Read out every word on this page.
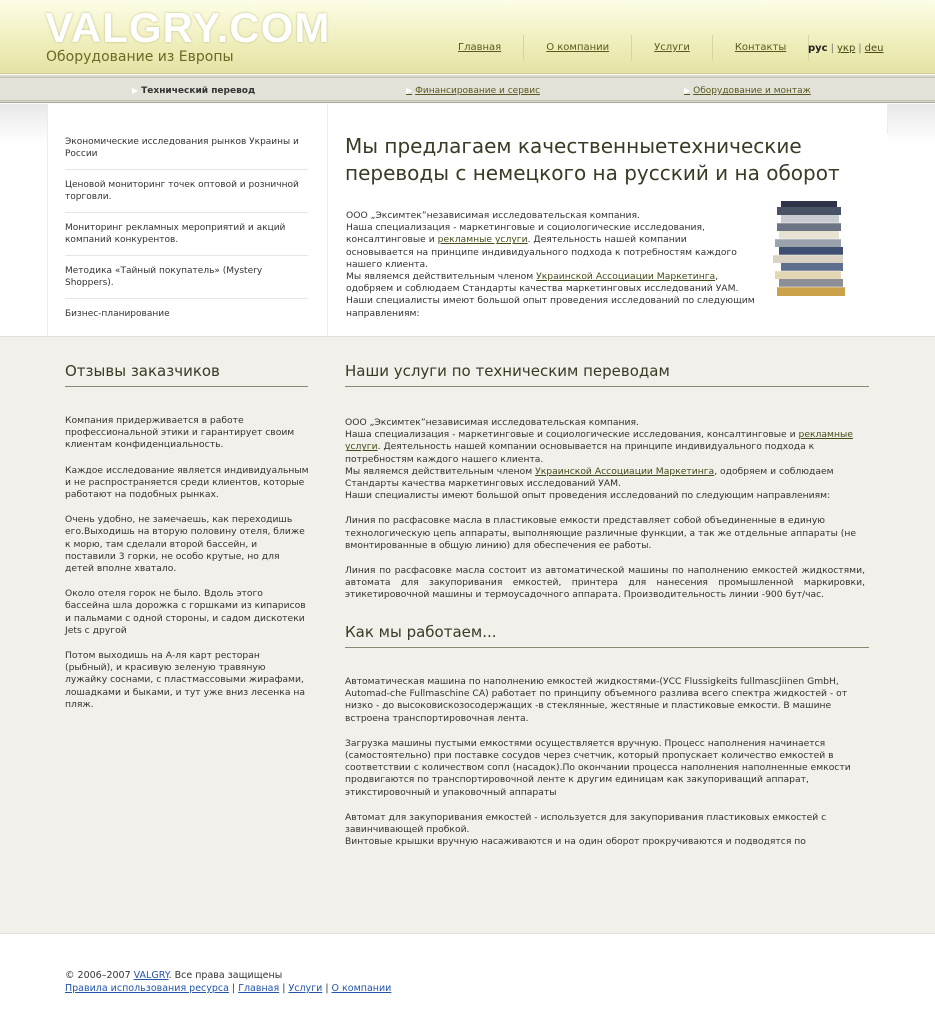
VALGRY.COM
Оборудование из Европы
Главная	О компании	Услуги	Контакты	рус | укр | deu
▶ Технический перевод	▶ Финансирование и сервис	▶ Оборудование и монтаж
Экономические исследования рынков Украины и России
Ценовой мониторинг точек оптовой и розничной торговли.
Мониторинг рекламных мероприятий и акций компаний конкурентов.
Методика «Тайный покупатель» (Mystery Shoppers).
Бизнес-планирование
Мы предлагаем качественныетехнические переводы с немецкого на русский и на оборот
ООО „Эксимтек”независимая исследовательская компания.
Наша специализация - маркетинговые и социологические исследования, консалтинговые и рекламные услуги. Деятельность нашей компании основывается на принципе индивидуального подхода к потребностям каждого нашего клиента.
Мы являемся действительным членом Украинской Ассоциации Маркетинга, одобряем и соблюдаем Стандарты качества маркетинговых исследований УАМ.
Наши специалисты имеют большой опыт проведения исследований по следующим направлениям:
Отзывы заказчиков

Компания придерживается в работе профессиональной этики и гарантирует своим клиентам конфиденциальность.

Каждое исследование является индивидуальным и не распространяется среди клиентов, которые работают на подобных рынках.

Очень удобно, не замечаешь, как переходишь его.Выходишь на вторую половину отеля, ближе к морю, там сделали второй бассейн, и поставили 3 горки, не особо крутые, но для детей вполне хватало.

Около отеля горок не было. Вдоль этого бассейна шла дорожка с горшками из кипарисов и пальмами с одной стороны, и садом дискотеки Jets с другой

Потом выходишь на А-ля карт ресторан (рыбный), и красивую зеленую травяную лужайку соснами, с пластмассовыми жирафами, лошадками и быками, и тут уже вниз лесенка на пляж.

Наши услуги по техническим переводам
ООО „Эксимтек”независимая исследовательская компания.
Наша специализация - маркетинговые и социологические исследования, консалтинговые и рекламные услуги. Деятельность нашей компании основывается на принципе индивидуального подхода к потребностям каждого нашего клиента.
Мы являемся действительным членом Украинской Ассоциации Маркетинга, одобряем и соблюдаем Стандарты качества маркетинговых исследований УАМ.

Наши специалисты имеют большой опыт проведения исследований по следующим направлениям:

Линия по расфасовке масла в пластиковые емкости представляет собой объединенные в единую технологическую цепь аппараты, выполняющие различные функции, а так же отдельные аппараты (не вмонтированные в общую линию) для обеспечения ее работы.

Линия по расфасовке масла состоит из автоматической машины по наполнению емкостей жидкостями, автомата для закупоривания емкостей, принтера для нанесения промышленной маркировки, этикетировочной машины и термоусадочного аппарата. Производительность линии -900 бут/час.

Как мы работаем...

Автоматическая машина по наполнению емкостей жидкостями-(УСС Flussigkeits fullmascJiinen GmbH, Automad-che Fullmaschine CA) работает по принципу объемного разлива всего спектра жидкостей - от низко - до высоковискозосодержащих -в стеклянные, жестяные и пластиковые емкости. В машине встроена транспортировочная лента.

Загрузка машины пустыми емкостями осуществляется вручную. Процесс наполнения начинается (самостоятельно) при поставке сосудов через счетчик, который пропускает количество емкостей в соответствии с количеством сопл (насадок).По окончании процесса наполнения наполненные емкости продвигаются по транспортировочной ленте к другим единицам как закупориващий аппарат, этикстировочный и упаковочный аппараты

Автомат для закупоривания емкостей - используется для закупоривания пластиковых емкостей с завинчивающей пробкой.
Винтовые крышки вручную насаживаются и на один оборот прокручиваются и подводятся по
© 2006–2007 VALGRY. Все права защищены
Правила использования ресурса | Главная | Услуги | О компании
